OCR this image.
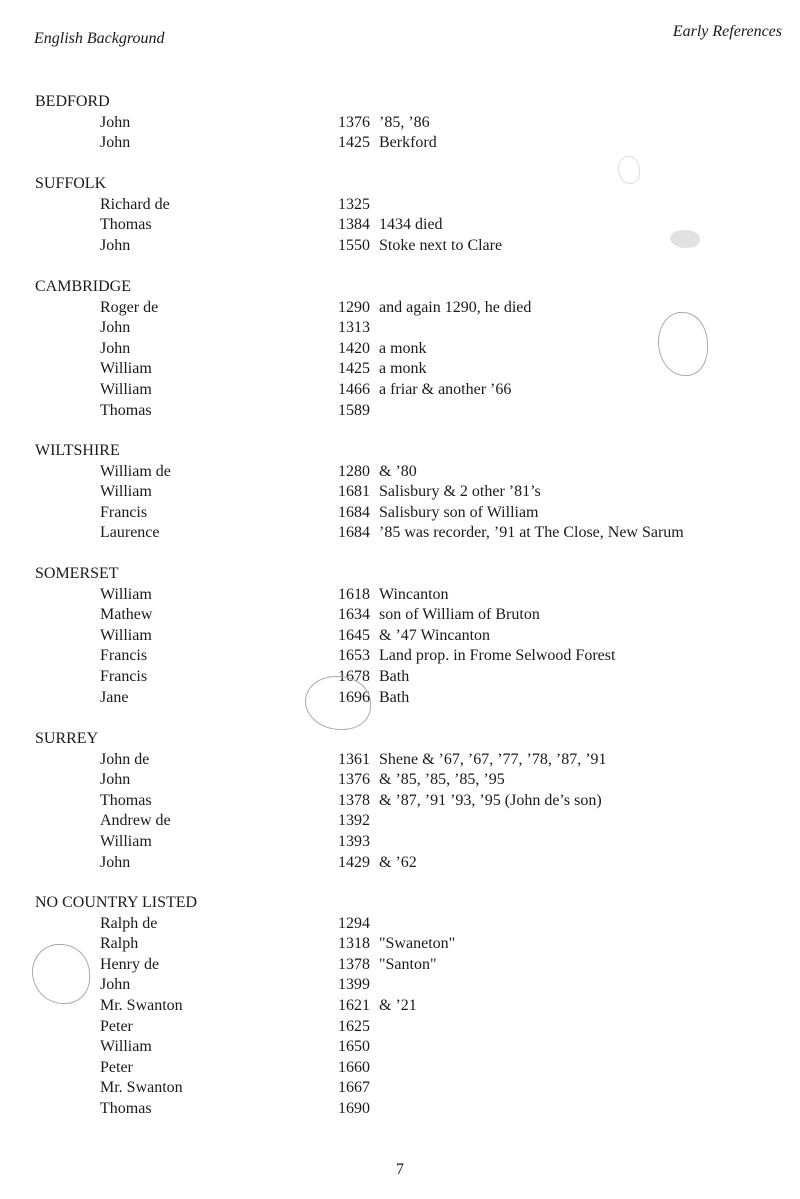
English Background	Early References
BEDFORD
John	1376 ’85, ’86
John	1425 Berkford
SUFFOLK
Richard de	1325
Thomas	1384 1434 died
John	1550 Stoke next to Clare
CAMBRIDGE
Roger de	1290 and again 1290, he died
John	1313
John	1420 a monk
William	1425 a monk
William	1466 a friar & another ’66
Thomas	1589
WILTSHIRE
William de	1280 & ’80
William	1681 Salisbury & 2 other ’81’s
Francis	1684 Salisbury son of William
Laurence	1684 ’85 was recorder, ’91 at The Close, New Sarum
SOMERSET
William	1618 Wincanton
Mathew	1634 son of William of Bruton
William	1645 & ’47 Wincanton
Francis	1653 Land prop. in Frome Selwood Forest
Francis	1678 Bath
Jane	1696 Bath
SURREY
John de	1361 Shene & ’67, ’67, ’77, ’78, ’87, ’91
John	1376 & ’85, ’85, ’85, ’95
Thomas	1378 & ’87, ’91 ’93, ’95 (John de’s son)
Andrew de	1392
William	1393
John	1429 & ’62
NO COUNTRY LISTED
Ralph de	1294
Ralph	1318 "Swaneton"
Henry de	1378 "Santon"
John	1399
Mr. Swanton	1621 & ’21
Peter	1625
William	1650
Peter	1660
Mr. Swanton	1667
Thomas	1690
7
